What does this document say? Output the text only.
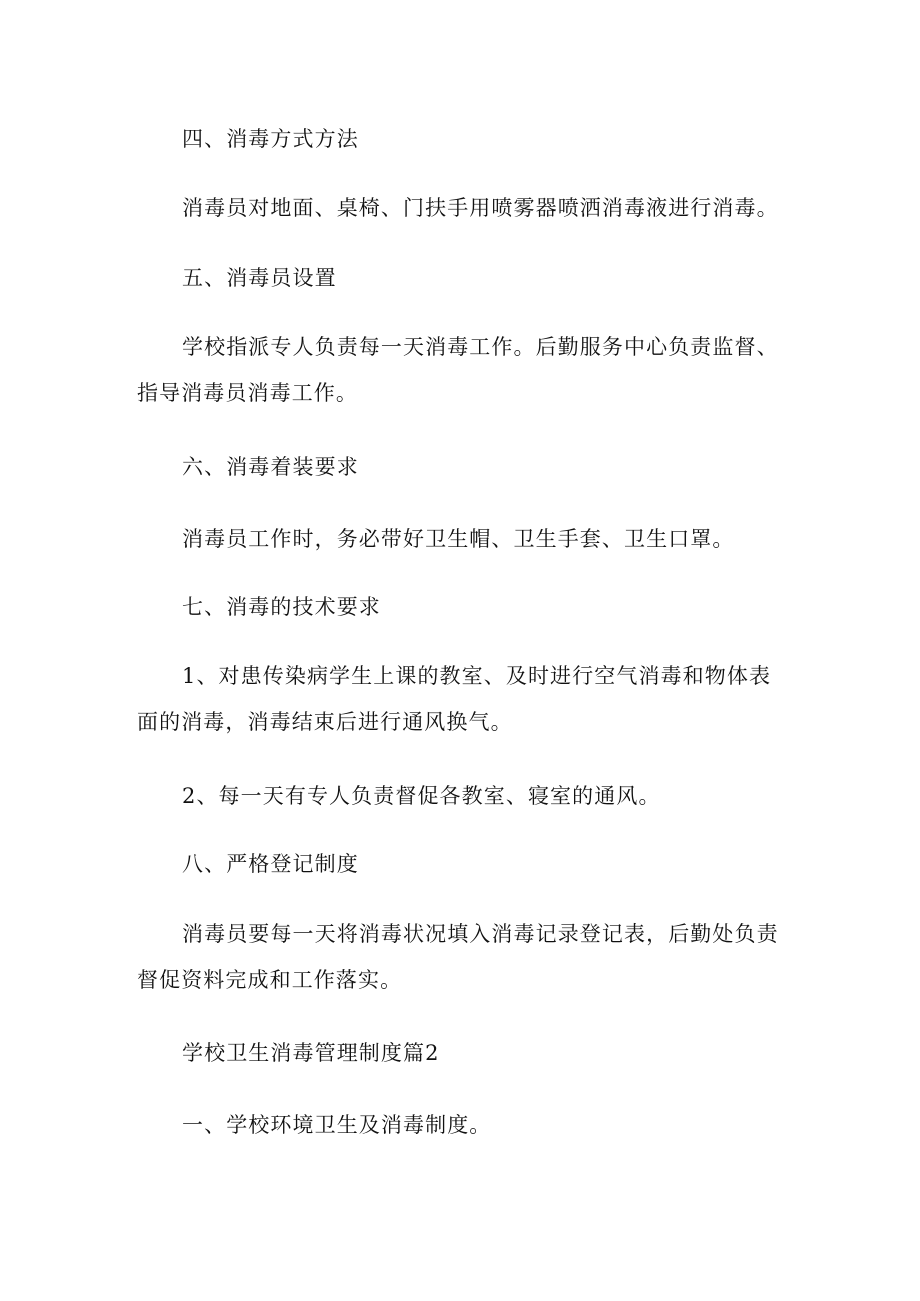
四、消毒方式方法

消毒员对地面、桌椅、门扶手用喷雾器喷洒消毒液进行消毒。

五、消毒员设置

学校指派专人负责每一天消毒工作。后勤服务中心负责监督、指导消毒员消毒工作。

六、消毒着装要求

消毒员工作时，务必带好卫生帽、卫生手套、卫生口罩。

七、消毒的技术要求

1、对患传染病学生上课的教室、及时进行空气消毒和物体表面的消毒，消毒结束后进行通风换气。

2、每一天有专人负责督促各教室、寝室的通风。

八、严格登记制度

消毒员要每一天将消毒状况填入消毒记录登记表，后勤处负责督促资料完成和工作落实。

学校卫生消毒管理制度篇2

一、学校环境卫生及消毒制度。
